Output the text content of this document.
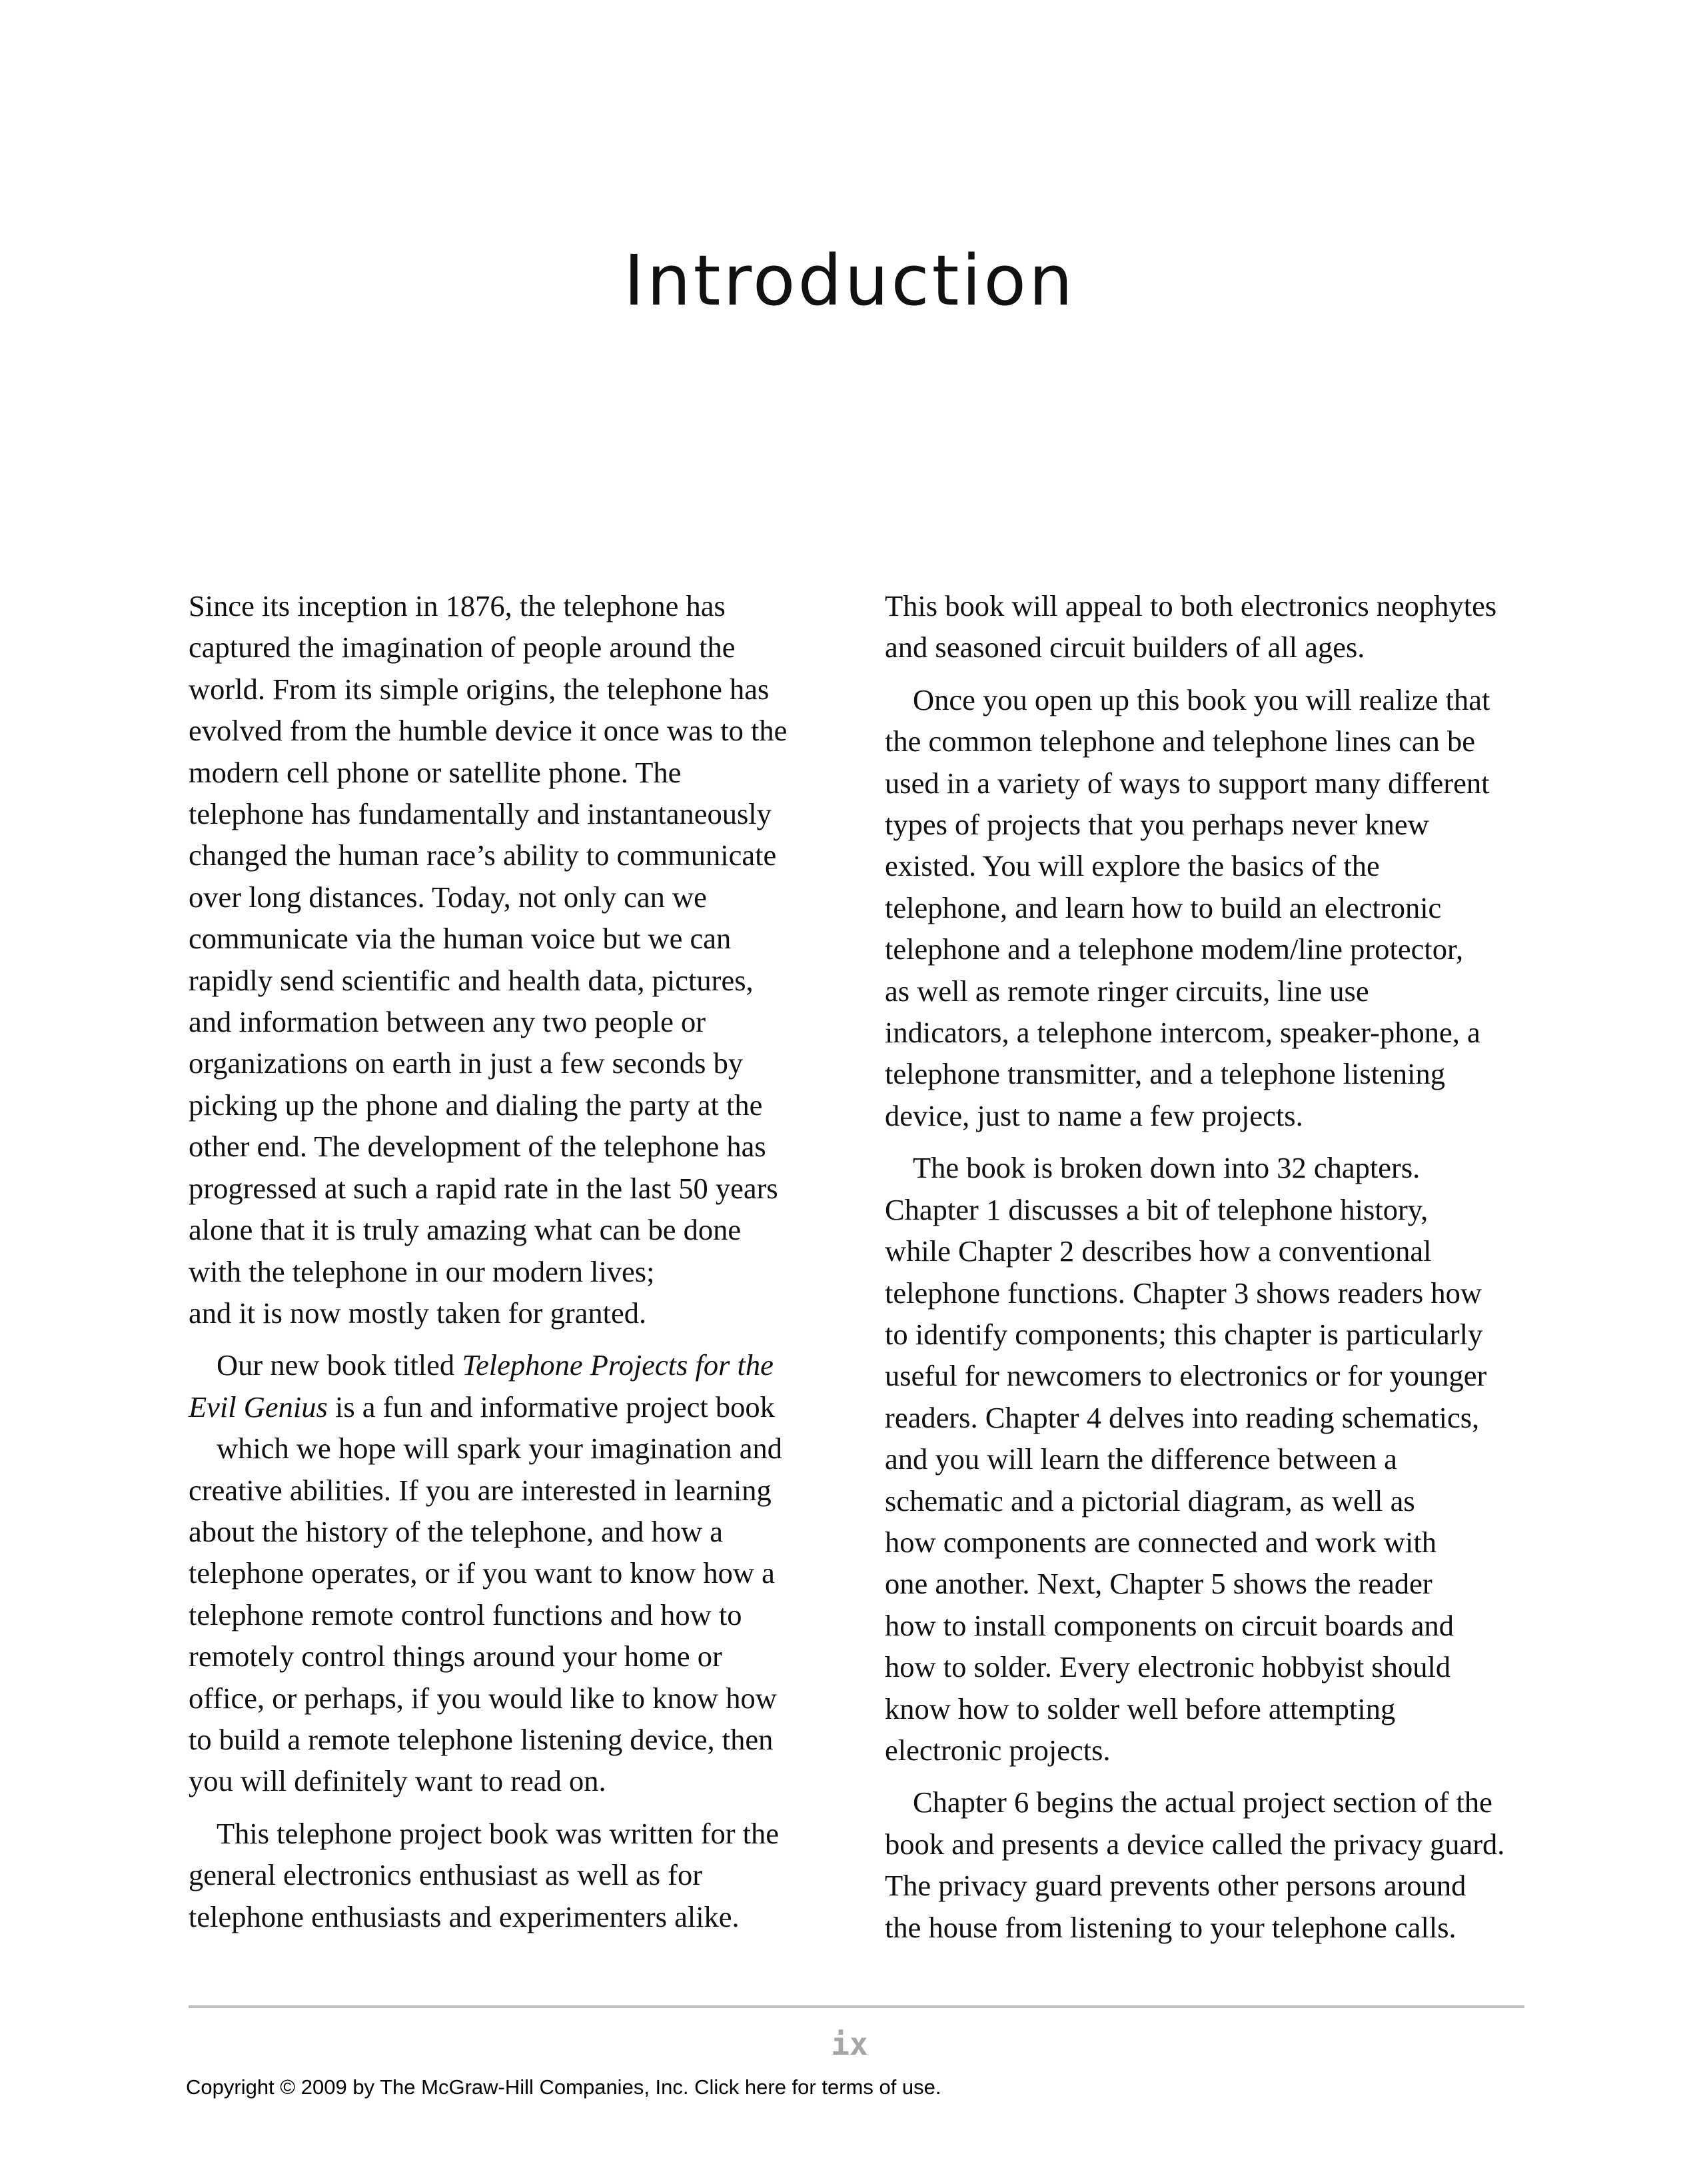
Introduction

Since its inception in 1876, the telephone has
captured the imagination of people around the
world. From its simple origins, the telephone has
evolved from the humble device it once was to the
modern cell phone or satellite phone. The
telephone has fundamentally and instantaneously
changed the human race’s ability to communicate
over long distances. Today, not only can we
communicate via the human voice but we can
rapidly send scientific and health data, pictures,
and information between any two people or
organizations on earth in just a few seconds by
picking up the phone and dialing the party at the
other end. The development of the telephone has
progressed at such a rapid rate in the last 50 years
alone that it is truly amazing what can be done
with the telephone in our modern lives;
and it is now mostly taken for granted.

Our new book titled Telephone Projects for the
Evil Genius is a fun and informative project book
which we hope will spark your imagination and
creative abilities. If you are interested in learning
about the history of the telephone, and how a
telephone operates, or if you want to know how a
telephone remote control functions and how to
remotely control things around your home or
office, or perhaps, if you would like to know how
to build a remote telephone listening device, then
you will definitely want to read on.

This telephone project book was written for the
general electronics enthusiast as well as for
telephone enthusiasts and experimenters alike.

This book will appeal to both electronics neophytes
and seasoned circuit builders of all ages.

Once you open up this book you will realize that
the common telephone and telephone lines can be
used in a variety of ways to support many different
types of projects that you perhaps never knew
existed. You will explore the basics of the
telephone, and learn how to build an electronic
telephone and a telephone modem/line protector,
as well as remote ringer circuits, line use
indicators, a telephone intercom, speaker-phone, a
telephone transmitter, and a telephone listening
device, just to name a few projects.

The book is broken down into 32 chapters.
Chapter 1 discusses a bit of telephone history,
while Chapter 2 describes how a conventional
telephone functions. Chapter 3 shows readers how
to identify components; this chapter is particularly
useful for newcomers to electronics or for younger
readers. Chapter 4 delves into reading schematics,
and you will learn the difference between a
schematic and a pictorial diagram, as well as
how components are connected and work with
one another. Next, Chapter 5 shows the reader
how to install components on circuit boards and
how to solder. Every electronic hobbyist should
know how to solder well before attempting
electronic projects.

Chapter 6 begins the actual project section of the
book and presents a device called the privacy guard.
The privacy guard prevents other persons around
the house from listening to your telephone calls.

ix
Copyright © 2009 by The McGraw-Hill Companies, Inc. Click here for terms of use.
